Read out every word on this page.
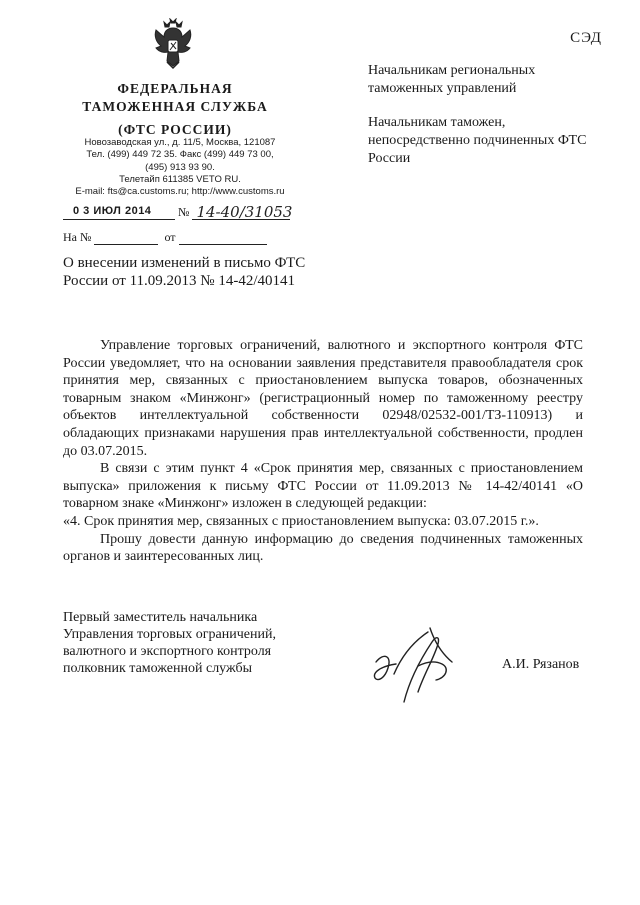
СЭД
ФЕДЕРАЛЬНАЯ
ТАМОЖЕННАЯ СЛУЖБА
(ФТС РОССИИ)
Новозаводская ул., д. 11/5, Москва, 121087
Тел. (499) 449 72 35. Факс (499) 449 73 00,
(495) 913 93 90.
Телетайп 611385 VETO RU.
E-mail: fts@ca.customs.ru; http://www.customs.ru
0 3 ИЮЛ 2014 № 14-40/31053
На №	от

Начальникам региональных таможенных управлений

Начальникам таможен, непосредственно подчиненных ФТС России

О внесении изменений в письмо ФТС России от 11.09.2013 № 14-42/40141

Управление торговых ограничений, валютного и экспортного контроля ФТС России уведомляет, что на основании заявления представителя правообладателя срок принятия мер, связанных с приостановлением выпуска товаров, обозначенных товарным знаком «Минжонг» (регистрационный номер по таможенному реестру объектов интеллектуальной собственности 02948/02532-001/ТЗ-110913) и обладающих признаками нарушения прав интеллектуальной собственности, продлен до 03.07.2015.

В связи с этим пункт 4 «Срок принятия мер, связанных с приостановлением выпуска» приложения к письму ФТС России от 11.09.2013 № 14-42/40141 «О товарном знаке «Минжонг» изложен в следующей редакции:

«4. Срок принятия мер, связанных с приостановлением выпуска: 03.07.2015 г.».

Прошу довести данную информацию до сведения подчиненных таможенных органов и заинтересованных лиц.

Первый заместитель начальника
Управления торговых ограничений,
валютного и экспортного контроля
полковник таможенной службы	А.И. Рязанов
